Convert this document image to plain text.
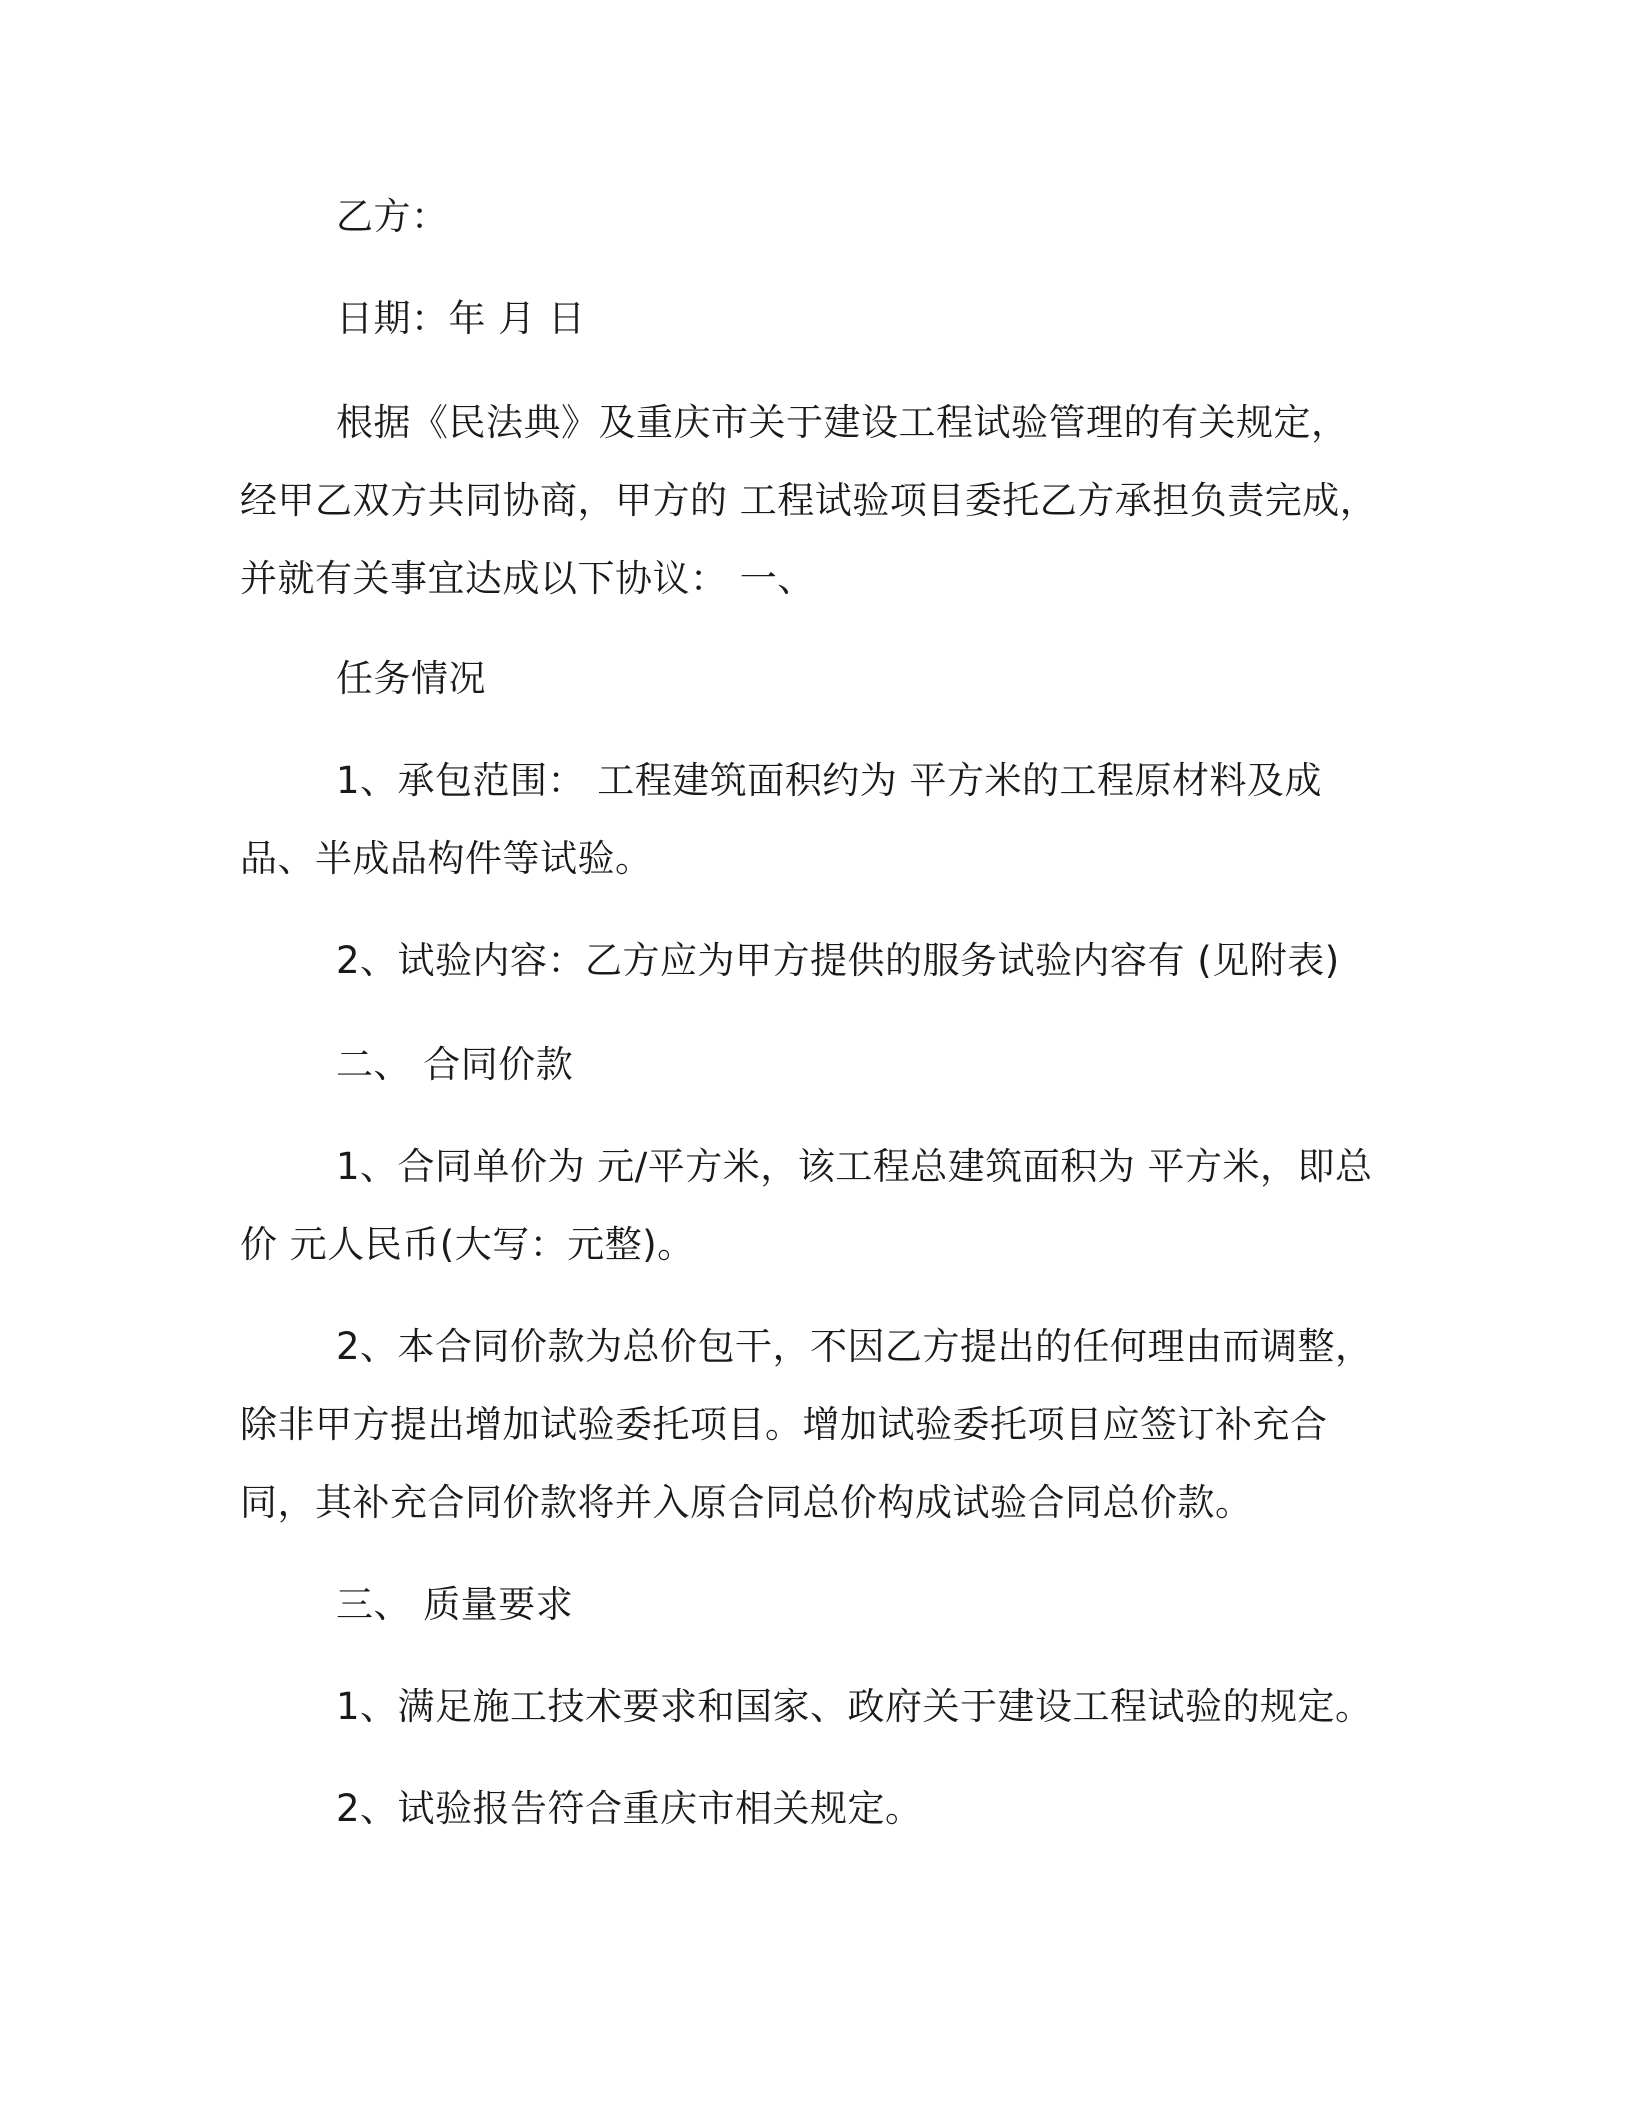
乙方：
日期：年 月 日
根据《民法典》及重庆市关于建设工程试验管理的有关规定，经甲乙双方共同协商，甲方的 工程试验项目委托乙方承担负责完成，并就有关事宜达成以下协议： 一、
任务情况
1、承包范围： 工程建筑面积约为 平方米的工程原材料及成品、半成品构件等试验。
2、试验内容：乙方应为甲方提供的服务试验内容有 (见附表)
二、 合同价款
1、合同单价为 元/平方米，该工程总建筑面积为 平方米，即总价 元人民币(大写：元整)。
2、本合同价款为总价包干，不因乙方提出的任何理由而调整，除非甲方提出增加试验委托项目。增加试验委托项目应签订补充合同，其补充合同价款将并入原合同总价构成试验合同总价款。
三、 质量要求
1、满足施工技术要求和国家、政府关于建设工程试验的规定。
2、试验报告符合重庆市相关规定。
